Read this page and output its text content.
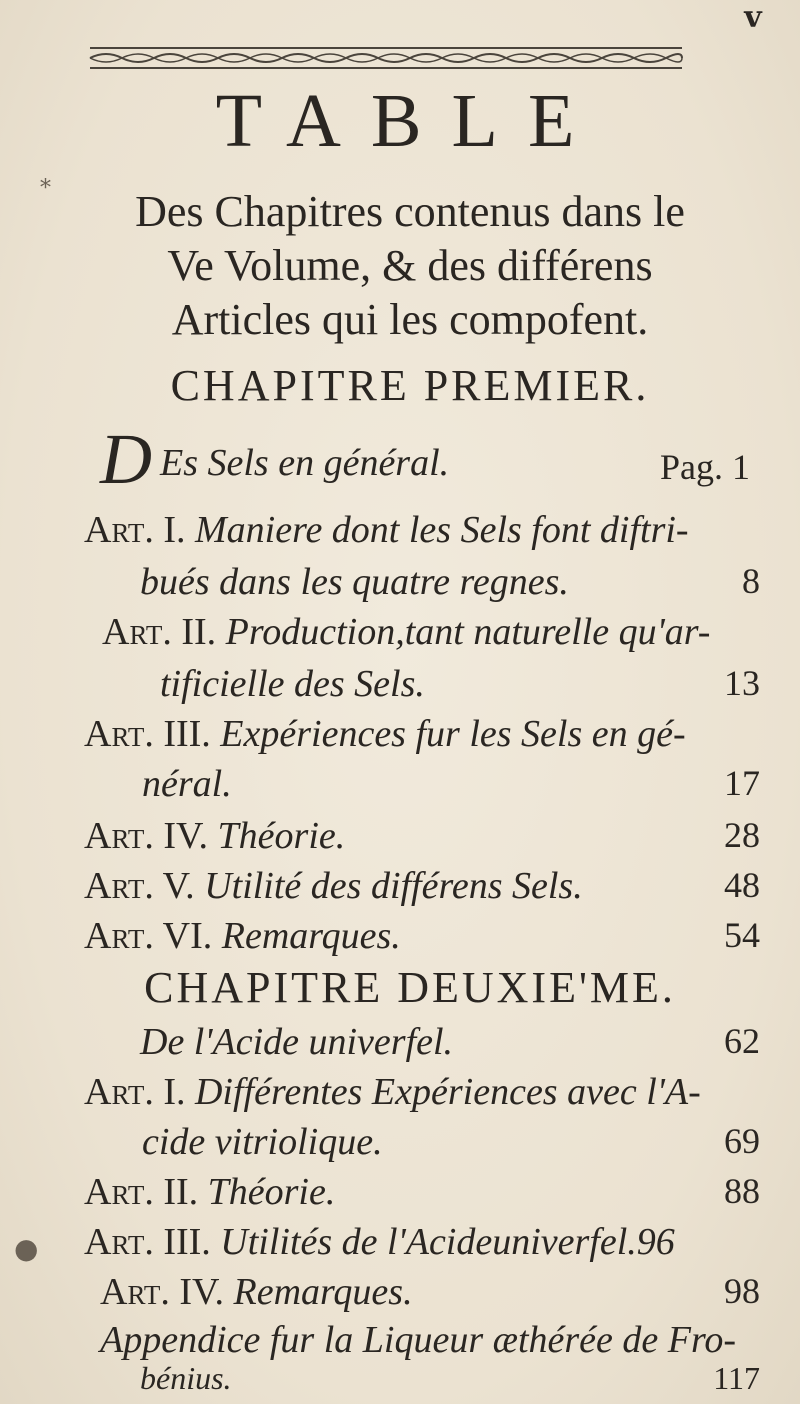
v
TABLE
Des Chapitres contenus dans le
Ve Volume, & des différens
Articles qui les compofent.
CHAPITRE PREMIER.
D Es Sels en général.	Pag. 1
Art. I. Maniere dont les Sels font diftri-
bués dans les quatre regnes.	8
Art. II. Production,tant naturelle qu'ar-
tificielle des Sels.	13
Art. III. Expériences fur les Sels en gé-
néral.	17
Art. IV. Théorie.	28
Art. V. Utilité des différens Sels.	48
Art. VI. Remarques.	54
CHAPITRE DEUXIE'ME.
De l'Acide univerfel.	62
Art. I. Différentes Expériences avec l'A-
cide vitriolique.	69
Art. II. Théorie.	88
Art. III. Utilités de l'Acideuniverfel.96
Art. IV. Remarques.	98
Appendice fur la Liqueur æthérée de Fro-
bénius.	117
*
●
